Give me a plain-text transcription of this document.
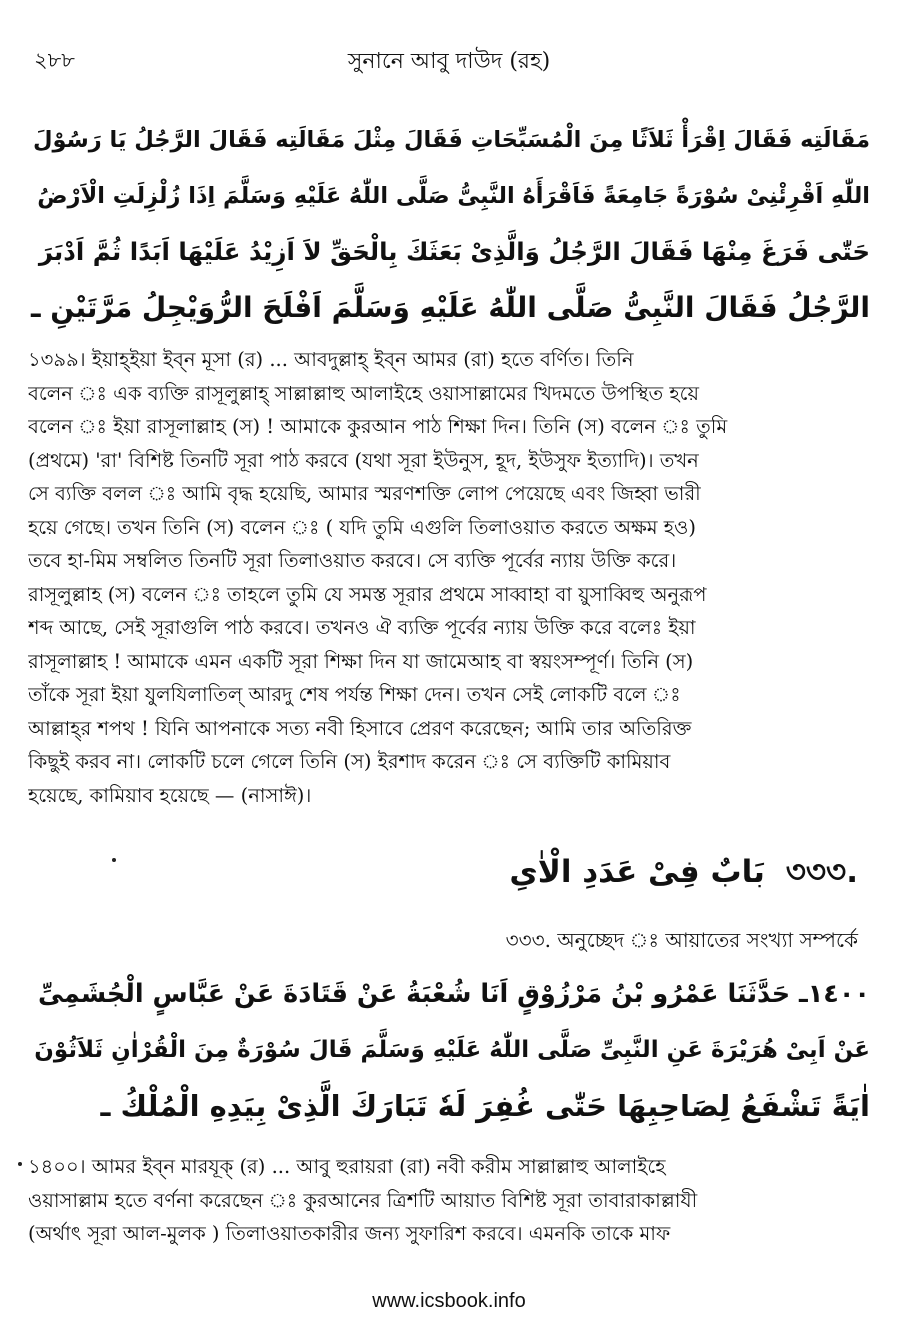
২৮৮	সুনানে আবু দাউদ (রহ)
مَقَالَتِه فَقَالَ اِقْرَأْ ثَلاَثًا مِنَ الْمُسَبِّحَاتِ فَقَالَ مِثْلَ مَقَالَتِه فَقَالَ الرَّجُلُ يَا رَسُوْلَ
اللّٰهِ اَقْرِئْنِىْ سُوْرَةً جَامِعَةً فَاَقْرَأَهُ النَّبِىُّ صَلَّى اللّٰهُ عَلَيْهِ وَسَلَّمَ اِذَا زُلْزِلَتِ الْاَرْضُ
حَتّٰى فَرَغَ مِنْهَا فَقَالَ الرَّجُلُ وَالَّذِىْ بَعَثَكَ بِالْحَقِّ لاَ اَزِيْدُ عَلَيْهَا اَبَدًا ثُمَّ اَدْبَرَ
الرَّجُلُ فَقَالَ النَّبِىُّ صَلَّى اللّٰهُ عَلَيْهِ وَسَلَّمَ اَفْلَحَ الرُّوَيْجِلُ مَرَّتَيْنِ ـ
১৩৯৯। ইয়াহ্ইয়া ইব্‌ন মূসা (র) ... আবদুল্লাহ্‌ ইব্‌ন আমর (রা) হতে বর্ণিত। তিনি
বলেন ঃ এক ব্যক্তি রাসূলুল্লাহ্‌ সাল্লাল্লাহু আলাইহে ওয়াসাল্লামের খিদমতে উপস্থিত হয়ে
বলেন ঃ ইয়া রাসূলাল্লাহ (স) ! আমাকে কুরআন পাঠ শিক্ষা দিন। তিনি (স) বলেন ঃ তুমি
(প্রথমে) 'রা' বিশিষ্ট তিনটি সূরা পাঠ করবে (যথা সূরা ইউনুস, হূদ, ইউসুফ ইত্যাদি)। তখন
সে ব্যক্তি বলল ঃ আমি বৃদ্ধ হয়েছি, আমার স্মরণশক্তি লোপ পেয়েছে এবং জিহ্বা ভারী
হয়ে গেছে। তখন তিনি (স) বলেন ঃ ( যদি তুমি এগুলি তিলাওয়াত করতে অক্ষম হও)
তবে হা-মিম সম্বলিত তিনটি সূরা তিলাওয়াত করবে। সে ব্যক্তি পূর্বের ন্যায় উক্তি করে।
রাসূলুল্লাহ (স) বলেন ঃ তাহলে তুমি যে সমস্ত সূরার প্রথমে সাব্বাহা বা য়ুসাব্বিহু অনুরূপ
শব্দ আছে, সেই সূরাগুলি পাঠ করবে। তখনও ঐ ব্যক্তি পূর্বের ন্যায় উক্তি করে বলেঃ ইয়া
রাসূলাল্লাহ ! আমাকে এমন একটি সূরা শিক্ষা দিন যা জামেআহ বা স্বয়ংসম্পূর্ণ। তিনি (স)
তাঁকে সূরা ইয়া যুলযিলাতিল্‌ আরদু শেষ পর্যন্ত শিক্ষা দেন। তখন সেই লোকটি বলে ঃ
আল্লাহ্‌র শপথ ! যিনি আপনাকে সত্য নবী হিসাবে প্রেরণ করেছেন; আমি তার অতিরিক্ত
কিছুই করব না। লোকটি চলে গেলে তিনি (স) ইরশাদ করেন ঃ সে ব্যক্তিটি কামিয়াব
হয়েছে, কামিয়াব হয়েছে — (নাসাঈ)।
بَابٌ فِىْ عَدَدِ الْاٰىِ ৩৩৩.
৩৩৩. অনুচ্ছেদ ঃ আয়াতের সংখ্যা সম্পর্কে
١٤٠٠ـ حَدَّثَنَا عَمْرُو بْنُ مَرْزُوْقٍ اَنَا شُعْبَةُ عَنْ قَتَادَةَ عَنْ عَبَّاسٍ الْجُشَمِىِّ
عَنْ اَبِىْ هُرَيْرَةَ عَنِ النَّبِىِّ صَلَّى اللّٰهُ عَلَيْهِ وَسَلَّمَ قَالَ سُوْرَةٌ مِنَ الْقُرْاٰنِ ثَلاَثُوْنَ
اٰيَةً تَشْفَعُ لِصَاحِبِهَا حَتّٰى غُفِرَ لَهٗ تَبَارَكَ الَّذِىْ بِيَدِهِ الْمُلْكُ ـ
১৪০০। আমর ইব্‌ন মারযূক্‌ (র) ... আবু হুরায়রা (রা) নবী করীম সাল্লাল্লাহু আলাইহে
ওয়াসাল্লাম হতে বর্ণনা করেছেন ঃ কুরআনের ত্রিশটি আয়াত বিশিষ্ট সূরা তাবারাকাল্লাযী
(অর্থাৎ সূরা আল-মুলক ) তিলাওয়াতকারীর জন্য সুফারিশ করবে। এমনকি তাকে মাফ
www.icsbook.info
